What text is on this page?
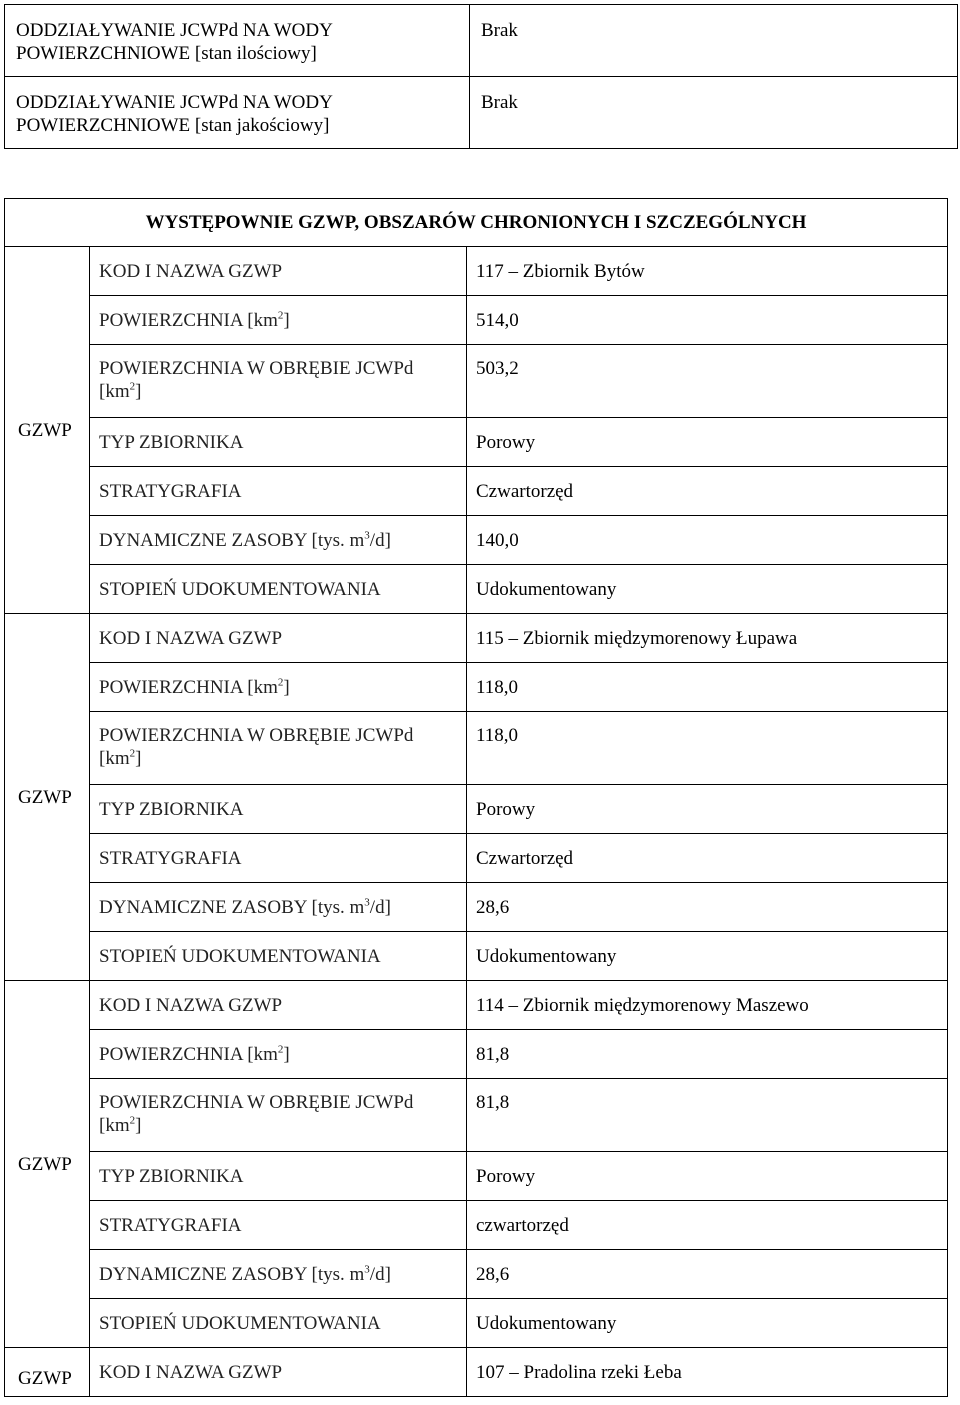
ODDZIAŁYWANIE JCWPd NA WODY POWIERZCHNIOWE [stan ilościowy]	Brak
ODDZIAŁYWANIE JCWPd NA WODY POWIERZCHNIOWE [stan jakościowy]	Brak
WYSTĘPOWNIE GZWP, OBSZARÓW CHRONIONYCH I SZCZEGÓLNYCH		
GZWP	KOD I NAZWA GZWP	117 – Zbiornik Bytów
	POWIERZCHNIA $[km^2]$	514,0
	POWIERZCHNIA W OBRĘBIE JCWPd
$[km^2]$	503,2
	TYP ZBIORNIKA	Porowy
	STRATYGRAFIA	Czwartorzęd
	DYNAMICZNE ZASOBY [tys. $m^3/d$]	140,0
	STOPIEŃ UDOKUMENTOWANIA	Udokumentowany
GZWP	KOD I NAZWA GZWP	115 – Zbiornik międzymorenowy Łupawa
	POWIERZCHNIA $[km^2]$	118,0
	POWIERZCHNIA W OBRĘBIE JCWPd
$[km^2]$	118,0
	TYP ZBIORNIKA	Porowy
	STRATYGRAFIA	Czwartorzęd
	DYNAMICZNE ZASOBY [tys. $m^3/d$]	28,6
	STOPIEŃ UDOKUMENTOWANIA	Udokumentowany
GZWP	KOD I NAZWA GZWP	114 – Zbiornik międzymorenowy Maszewo
	POWIERZCHNIA $[km^2]$	81,8
	POWIERZCHNIA W OBRĘBIE JCWPd
$[km^2]$	81,8
	TYP ZBIORNIKA	Porowy
	STRATYGRAFIA	czwartorzęd
	DYNAMICZNE ZASOBY [tys. $m^3/d$]	28,6
	STOPIEŃ UDOKUMENTOWANIA	Udokumentowany
GZWP	KOD I NAZWA GZWP	107 – Pradolina rzeki Łeba
